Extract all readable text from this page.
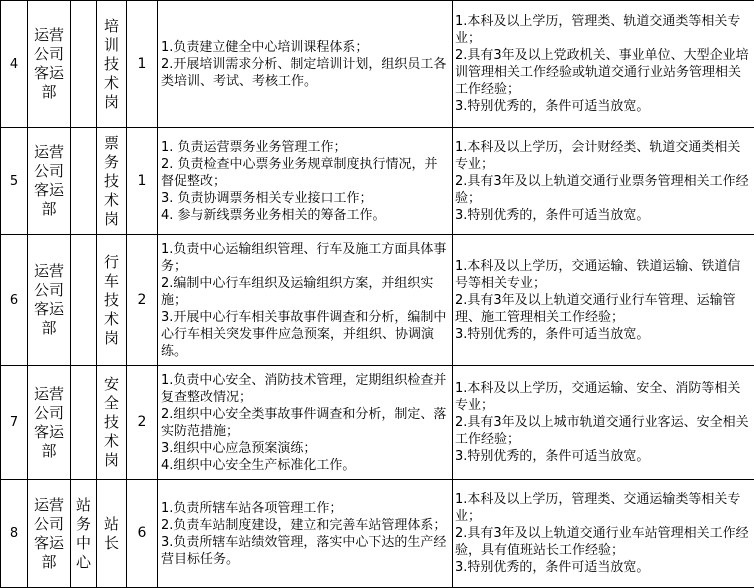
4	运营公司客运部		培训技术岗	1	1.负责建立健全中心培训课程体系；
2.开展培训需求分析、制定培训计划，组织员工各类培训、考试、考核工作。	1.本科及以上学历，管理类、轨道交通类等相关专业；
2.具有3年及以上党政机关、事业单位、大型企业培训管理相关工作经验或轨道交通行业站务管理相关工作经验；
3.特别优秀的，条件可适当放宽。

5	运营公司客运部		票务技术岗	1	1. 负责运营票务业务管理工作；
2. 负责检查中心票务业务规章制度执行情况，并督促整改；
3. 负责协调票务相关专业接口工作；
4. 参与新线票务业务相关的筹备工作。	1.本科及以上学历，会计财经类、轨道交通类相关专业；
2.具有3年及以上轨道交通行业票务管理相关工作经验；
3.特别优秀的，条件可适当放宽。

6	运营公司客运部		行车技术岗	2	1.负责中心运输组织管理、行车及施工方面具体事务；
2.编制中心行车组织及运输组织方案，并组织实施；
3.开展中心行车相关事故事件调查和分析，编制中心行车相关突发事件应急预案，并组织、协调演练。	1.本科及以上学历，交通运输、铁道运输、铁道信号等相关专业；
2.具有3年及以上轨道交通行业行车管理、运输管理、施工管理相关工作经验；
3.特别优秀的，条件可适当放宽。

7	运营公司客运部		安全技术岗	2	1.负责中心安全、消防技术管理，定期组织检查并复查整改情况；
2.组织中心安全类事故事件调查和分析，制定、落实防范措施；
3.组织中心应急预案演练；
4.组织中心安全生产标准化工作。	1.本科及以上学历，交通运输、安全、消防等相关专业；
2.具有3年及以上城市轨道交通行业客运、安全相关工作经验；
3.特别优秀的，条件可适当放宽。

8	运营公司客运部	站务中心	站长	6	1.负责所辖车站各项管理工作；
2.负责车站制度建设，建立和完善车站管理体系；
3.负责所辖车站绩效管理，落实中心下达的生产经营目标任务。	1.本科及以上学历，管理类、交通运输类等相关专业；
2.具有3年及以上轨道交通行业车站管理相关工作经验，具有值班站长工作经验；
3.特别优秀的，条件可适当放宽。
